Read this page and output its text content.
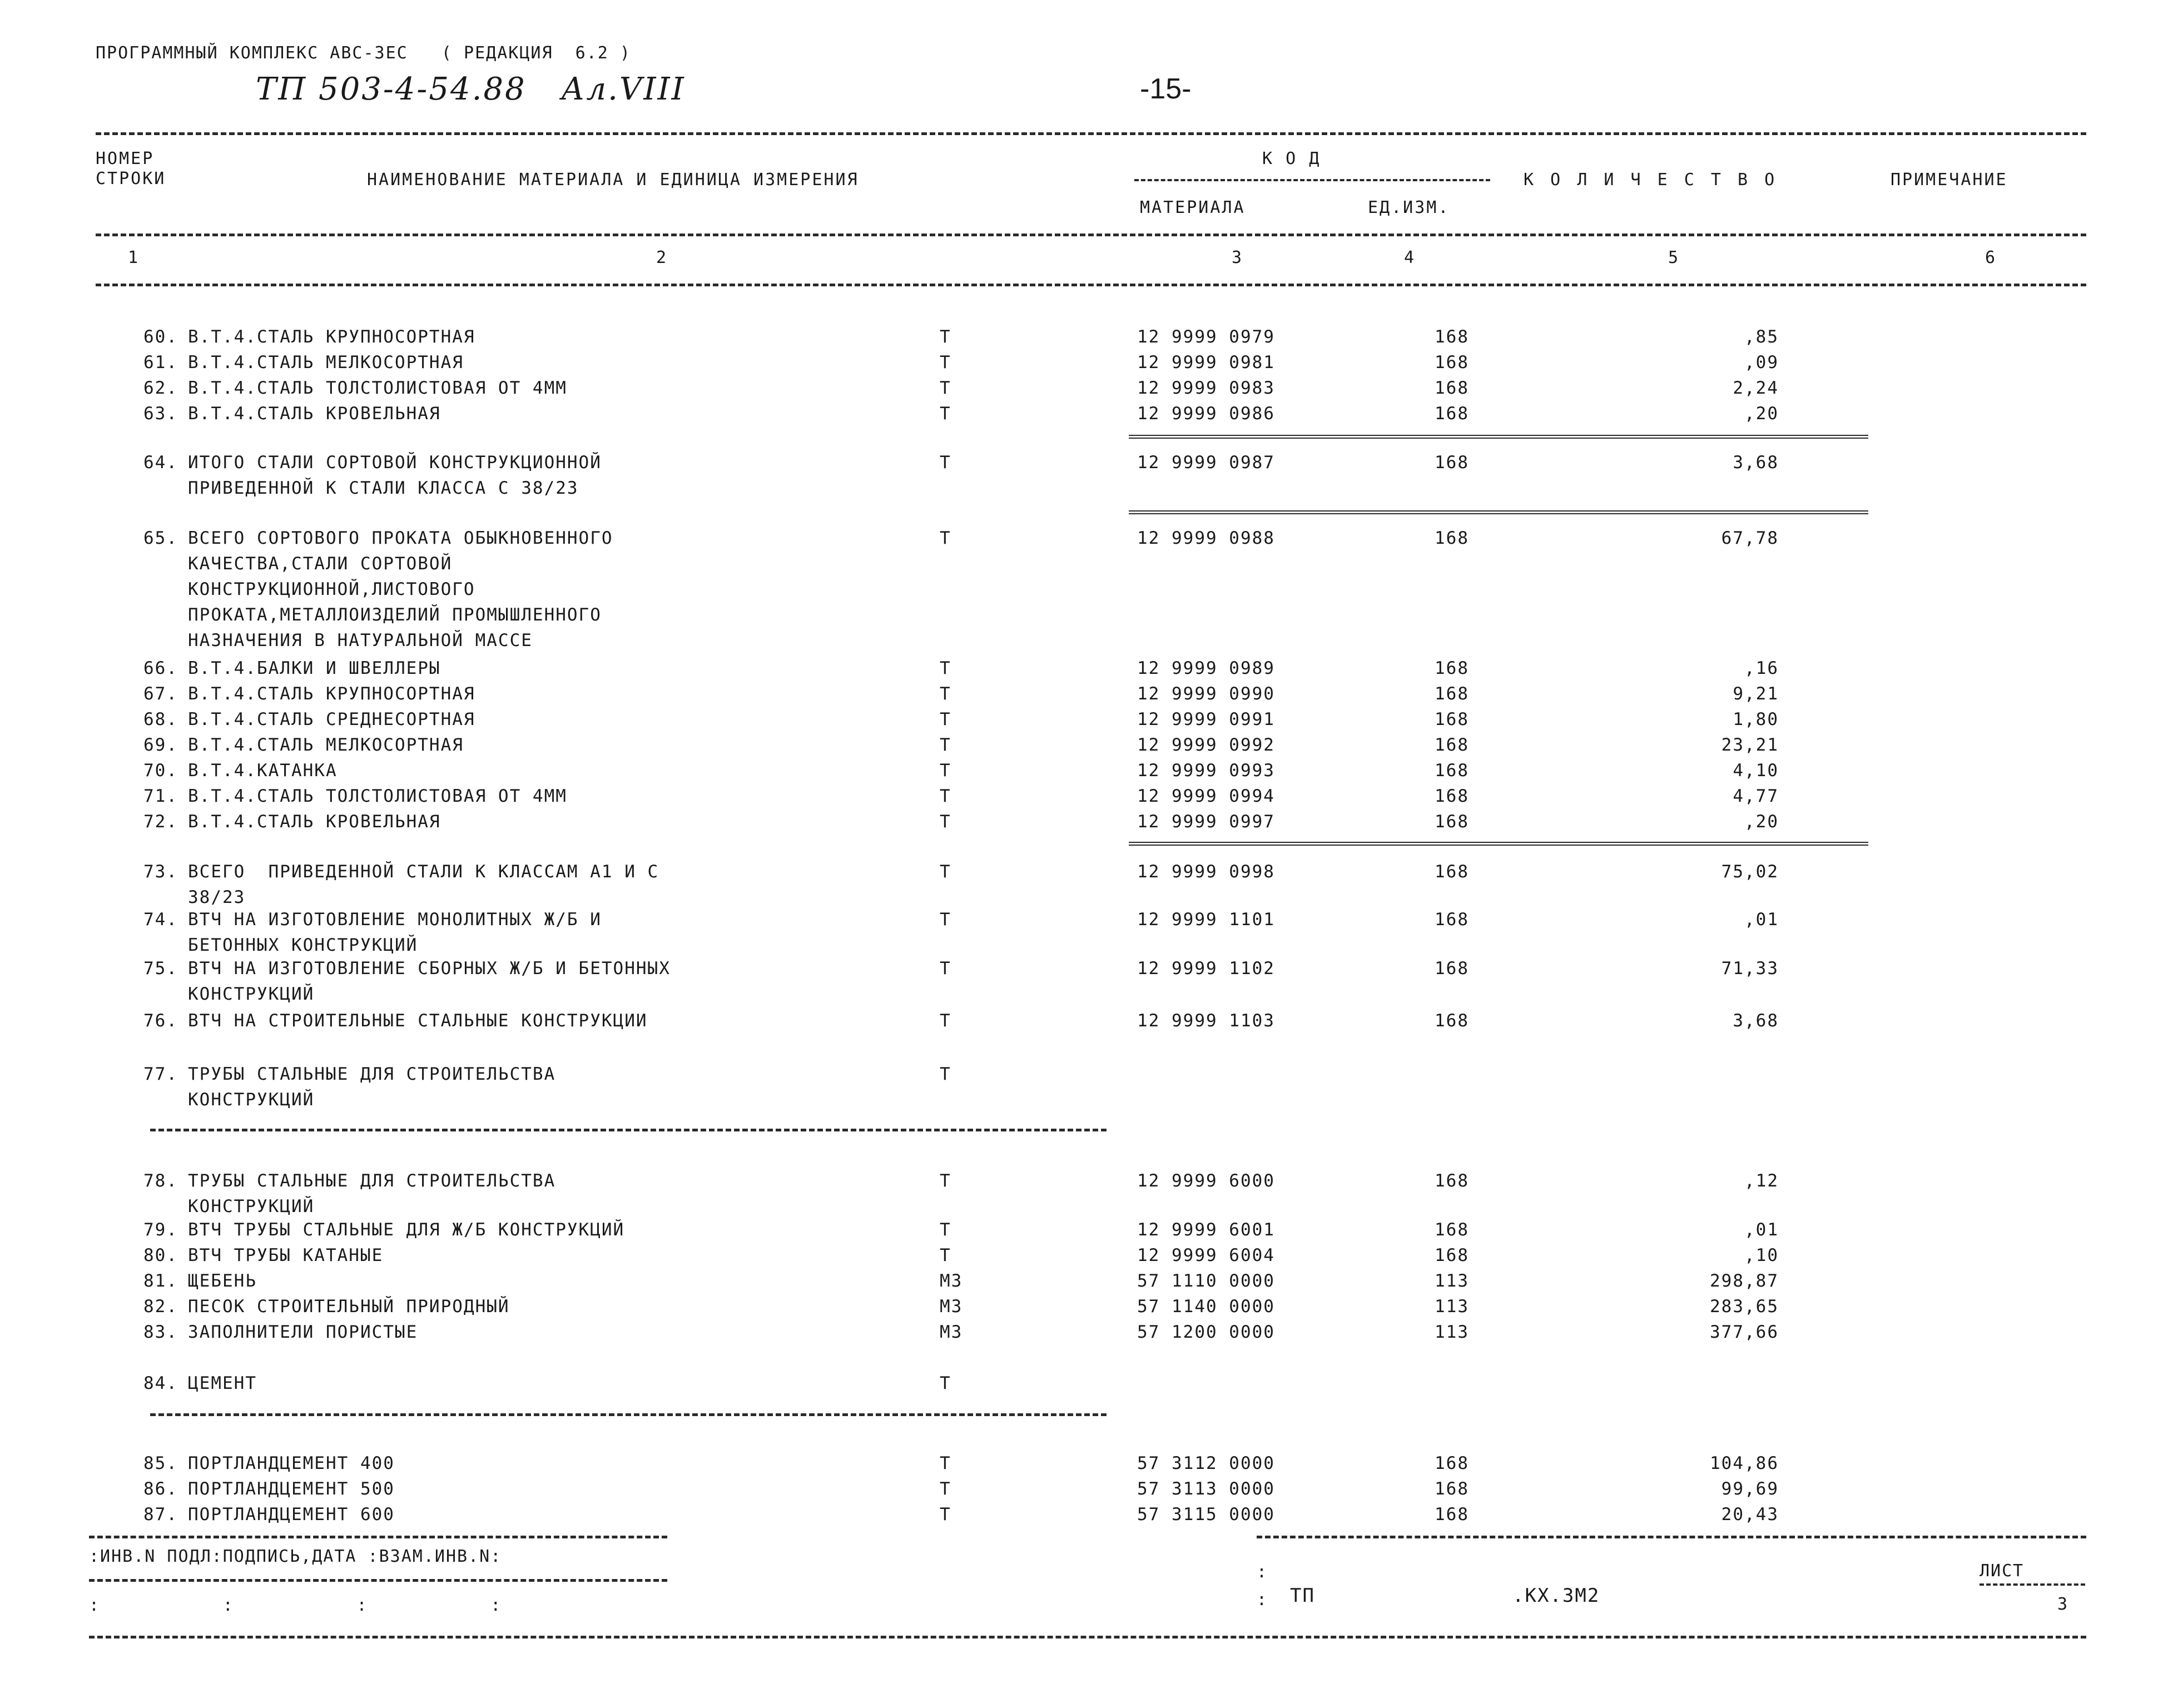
ПРОГРАММНЫЙ КОМПЛЕКС АВС-ЗЕС   ( РЕДАКЦИЯ  6.2 )
ТП 503-4-54.88   Ал.VIII	-15-
НОМЕР
СТРОКИ	НАИМЕНОВАНИЕ МАТЕРИАЛА И ЕДИНИЦА ИЗМЕРЕНИЯ
К О Д
МАТЕРИАЛА	ЕД.ИЗМ.
К О Л И Ч Е С Т В О	ПРИМЕЧАНИЕ
1	2	3	4	5	6
60. В.Т.4.СТАЛЬ КРУПНОСОРТНАЯ	Т	12 9999 0979	168	,85
61. В.Т.4.СТАЛЬ МЕЛКОСОРТНАЯ	Т	12 9999 0981	168	,09
62. В.Т.4.СТАЛЬ ТОЛСТОЛИСТОВАЯ ОТ 4ММ	Т	12 9999 0983	168	2,24
63. В.Т.4.СТАЛЬ КРОВЕЛЬНАЯ	Т	12 9999 0986	168	,20
64. ИТОГО СТАЛИ СОРТОВОЙ КОНСТРУКЦИОННОЙ
ПРИВЕДЕННОЙ К СТАЛИ КЛАССА С 38/23
Т	12 9999 0987	168	3,68
65. ВСЕГО СОРТОВОГО ПРОКАТА ОБЫКНОВЕННОГО
КАЧЕСТВА,СТАЛИ СОРТОВОЙ
КОНСТРУКЦИОННОЙ,ЛИСТОВОГО
ПРОКАТА,МЕТАЛЛОИЗДЕЛИЙ ПРОМЫШЛЕННОГО
НАЗНАЧЕНИЯ В НАТУРАЛЬНОЙ МАССЕ
Т	12 9999 0988	168	67,78
66. В.Т.4.БАЛКИ И ШВЕЛЛЕРЫ	Т	12 9999 0989	168	,16
67. В.Т.4.СТАЛЬ КРУПНОСОРТНАЯ	Т	12 9999 0990	168	9,21
68. В.Т.4.СТАЛЬ СРЕДНЕСОРТНАЯ	Т	12 9999 0991	168	1,80
69. В.Т.4.СТАЛЬ МЕЛКОСОРТНАЯ	Т	12 9999 0992	168	23,21
70. В.Т.4.КАТАНКА	Т	12 9999 0993	168	4,10
71. В.Т.4.СТАЛЬ ТОЛСТОЛИСТОВАЯ ОТ 4ММ	Т	12 9999 0994	168	4,77
72. В.Т.4.СТАЛЬ КРОВЕЛЬНАЯ	Т	12 9999 0997	168	,20
73. ВСЕГО  ПРИВЕДЕННОЙ СТАЛИ К КЛАССАМ А1 И С
38/23
Т	12 9999 0998	168	75,02
74. ВТЧ НА ИЗГОТОВЛЕНИЕ МОНОЛИТНЫХ Ж/Б И
БЕТОННЫХ КОНСТРУКЦИЙ
Т	12 9999 1101	168	,01
75. ВТЧ НА ИЗГОТОВЛЕНИЕ СБОРНЫХ Ж/Б И БЕТОННЫХ
КОНСТРУКЦИЙ
Т	12 9999 1102	168	71,33
76. ВТЧ НА СТРОИТЕЛЬНЫЕ СТАЛЬНЫЕ КОНСТРУКЦИИ	Т	12 9999 1103	168	3,68
77. ТРУБЫ СТАЛЬНЫЕ ДЛЯ СТРОИТЕЛЬСТВА
КОНСТРУКЦИЙ
Т
78. ТРУБЫ СТАЛЬНЫЕ ДЛЯ СТРОИТЕЛЬСТВА
КОНСТРУКЦИЙ
Т	12 9999 6000	168	,12
79. ВТЧ ТРУБЫ СТАЛЬНЫЕ ДЛЯ Ж/Б КОНСТРУКЦИЙ	Т	12 9999 6001	168	,01
80. ВТЧ ТРУБЫ КАТАНЫЕ	Т	12 9999 6004	168	,10
81. ЩЕБЕНЬ	М3	57 1110 0000	113	298,87
82. ПЕСОК СТРОИТЕЛЬНЫЙ ПРИРОДНЫЙ	М3	57 1140 0000	113	283,65
83. ЗАПОЛНИТЕЛИ ПОРИСТЫЕ	М3	57 1200 0000	113	377,66
84. ЦЕМЕНТ	Т
85. ПОРТЛАНДЦЕМЕНТ 400	Т	57 3112 0000	168	104,86
86. ПОРТЛАНДЦЕМЕНТ 500	Т	57 3113 0000	168	99,69
87. ПОРТЛАНДЦЕМЕНТ 600	Т	57 3115 0000	168	20,43
:ИНВ.N ПОДЛ:ПОДПИСЬ,ДАТА :ВЗАМ.ИНВ.N:
:           :           :           :
:
: ТП	.КХ.ЗМ2
ЛИСТ
3
